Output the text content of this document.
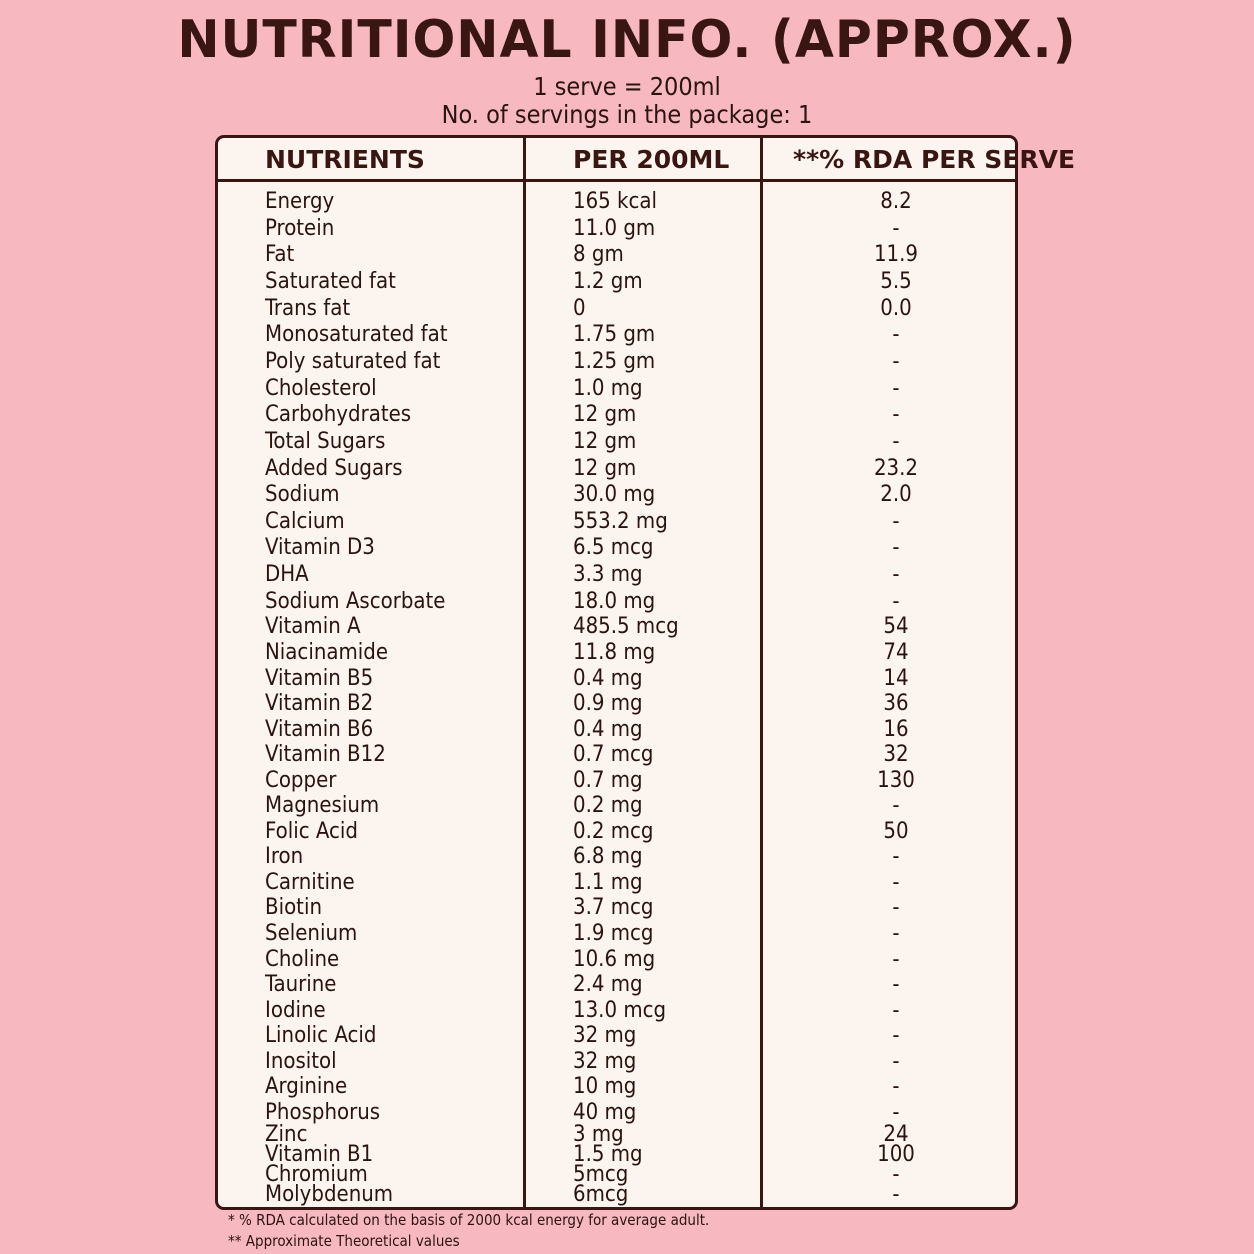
NUTRITIONAL INFO. (APPROX.)
1 serve = 200ml
No. of servings in the package: 1
NUTRIENTS	PER 200ML	**% RDA PER SERVE
Energy	165 kcal	8.2
Protein	11.0 gm	-
Fat	8 gm	11.9
Saturated fat	1.2 gm	5.5
Trans fat	0	0.0
Monosaturated fat	1.75 gm	-
Poly saturated fat	1.25 gm	-
Cholesterol	1.0 mg	-
Carbohydrates	12 gm	-
Total Sugars	12 gm	-
Added Sugars	12 gm	23.2
Sodium	30.0 mg	2.0
Calcium	553.2 mg	-
Vitamin D3	6.5 mcg	-
DHA	3.3 mg	-
Sodium Ascorbate	18.0 mg	-
Vitamin A	485.5 mcg	54
Niacinamide	11.8 mg	74
Vitamin B5	0.4 mg	14
Vitamin B2	0.9 mg	36
Vitamin B6	0.4 mg	16
Vitamin B12	0.7 mcg	32
Copper	0.7 mg	130
Magnesium	0.2 mg	-
Folic Acid	0.2 mcg	50
Iron	6.8 mg	-
Carnitine	1.1 mg	-
Biotin	3.7 mcg	-
Selenium	1.9 mcg	-
Choline	10.6 mg	-
Taurine	2.4 mg	-
Iodine	13.0 mcg	-
Linolic Acid	32 mg	-
Inositol	32 mg	-
Arginine	10 mg	-
Phosphorus	40 mg	-
Zinc	3 mg	24
Vitamin B1	1.5 mg	100
Chromium	5mcg	-
Molybdenum	6mcg	-
* % RDA calculated on the basis of 2000 kcal energy for average adult.
** Approximate Theoretical values
